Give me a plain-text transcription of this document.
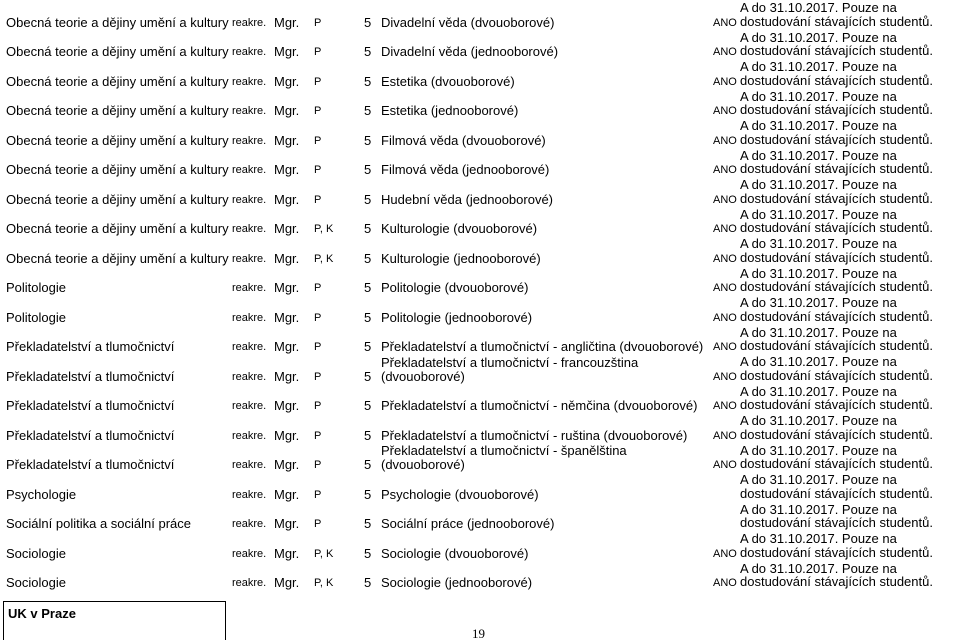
Obecná teorie a dějiny umění a kultury	reakre.	Mgr.	P	5	Divadelní věda (dvouoborové)	ANO	A do 31.10.2017. Pouze na dostudování stávajících studentů.
Obecná teorie a dějiny umění a kultury	reakre.	Mgr.	P	5	Divadelní věda (jednooborové)	ANO	A do 31.10.2017. Pouze na dostudování stávajících studentů.
Obecná teorie a dějiny umění a kultury	reakre.	Mgr.	P	5	Estetika (dvouoborové)	ANO	A do 31.10.2017. Pouze na dostudování stávajících studentů.
Obecná teorie a dějiny umění a kultury	reakre.	Mgr.	P	5	Estetika (jednooborové)	ANO	A do 31.10.2017. Pouze na dostudování stávajících studentů.
Obecná teorie a dějiny umění a kultury	reakre.	Mgr.	P	5	Filmová věda (dvouoborové)	ANO	A do 31.10.2017. Pouze na dostudování stávajících studentů.
Obecná teorie a dějiny umění a kultury	reakre.	Mgr.	P	5	Filmová věda (jednooborové)	ANO	A do 31.10.2017. Pouze na dostudování stávajících studentů.
Obecná teorie a dějiny umění a kultury	reakre.	Mgr.	P	5	Hudební věda (jednooborové)	ANO	A do 31.10.2017. Pouze na dostudování stávajících studentů.
Obecná teorie a dějiny umění a kultury	reakre.	Mgr.	P, K	5	Kulturologie (dvouoborové)	ANO	A do 31.10.2017. Pouze na dostudování stávajících studentů.
Obecná teorie a dějiny umění a kultury	reakre.	Mgr.	P, K	5	Kulturologie (jednooborové)	ANO	A do 31.10.2017. Pouze na dostudování stávajících studentů.
Politologie	reakre.	Mgr.	P	5	Politologie (dvouoborové)	ANO	A do 31.10.2017. Pouze na dostudování stávajících studentů.
Politologie	reakre.	Mgr.	P	5	Politologie (jednooborové)	ANO	A do 31.10.2017. Pouze na dostudování stávajících studentů.
Překladatelství a tlumočnictví	reakre.	Mgr.	P	5	Překladatelství a tlumočnictví - angličtina (dvouoborové)	ANO	A do 31.10.2017. Pouze na dostudování stávajících studentů.
Překladatelství a tlumočnictví	reakre.	Mgr.	P	5	Překladatelství a tlumočnictví - francouzština (dvouoborové)	ANO	A do 31.10.2017. Pouze na dostudování stávajících studentů.
Překladatelství a tlumočnictví	reakre.	Mgr.	P	5	Překladatelství a tlumočnictví - němčina (dvouoborové)	ANO	A do 31.10.2017. Pouze na dostudování stávajících studentů.
Překladatelství a tlumočnictví	reakre.	Mgr.	P	5	Překladatelství a tlumočnictví - ruština (dvouoborové)	ANO	A do 31.10.2017. Pouze na dostudování stávajících studentů.
Překladatelství a tlumočnictví	reakre.	Mgr.	P	5	Překladatelství a tlumočnictví - španělština (dvouoborové)	ANO	A do 31.10.2017. Pouze na dostudování stávajících studentů.
Psychologie	reakre.	Mgr.	P	5	Psychologie (dvouoborové)		A do 31.10.2017. Pouze na dostudování stávajících studentů.
Sociální politika a sociální práce	reakre.	Mgr.	P	5	Sociální práce (jednooborové)		A do 31.10.2017. Pouze na dostudování stávajících studentů.
Sociologie	reakre.	Mgr.	P, K	5	Sociologie (dvouoborové)	ANO	A do 31.10.2017. Pouze na dostudování stávajících studentů.
Sociologie	reakre.	Mgr.	P, K	5	Sociologie (jednooborové)	ANO	A do 31.10.2017. Pouze na dostudování stávajících studentů.
UK v Praze
19
